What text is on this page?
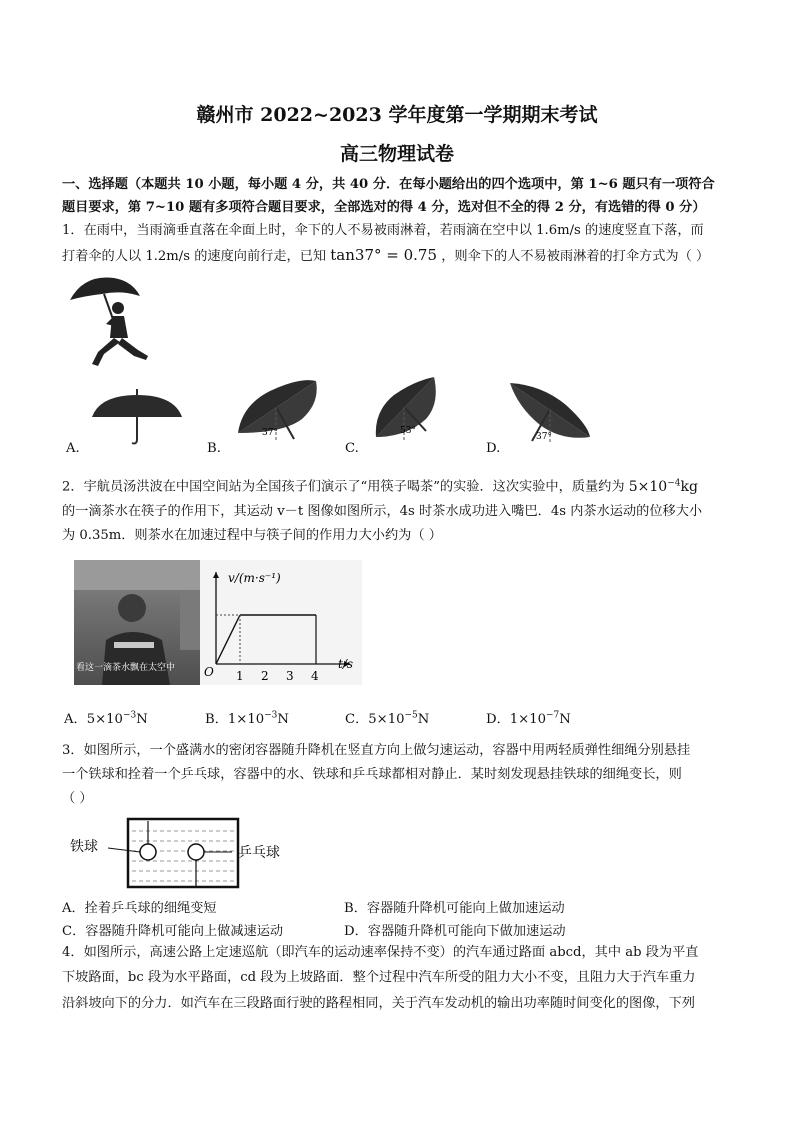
赣州市 2022~2023 学年度第一学期期末考试
高三物理试卷
一、选择题（本题共 10 小题，每小题 4 分，共 40 分．在每小题给出的四个选项中，第 1~6 题只有一项符合
题目要求，第 7~10 题有多项符合题目要求，全部选对的得 4 分，选对但不全的得 2 分，有选错的得 0 分）
1．在雨中，当雨滴垂直落在伞面上时，伞下的人不易被雨淋着，若雨滴在空中以 1.6m/s 的速度竖直下落，而
打着伞的人以 1.2m/s 的速度向前行走，已知 tan37° = 0.75 ，则伞下的人不易被雨淋着的打伞方式为（ ）
37°	53°
37°
A.	B.	C.	D.
2．宇航员汤洪波在中国空间站为全国孩子们演示了“用筷子喝茶”的实验．这次实验中，质量约为 $5\times 10^{-4}kg$
的一滴茶水在筷子的作用下，其运动 v－t 图像如图所示，4s 时茶水成功进入嘴巴．4s 内茶水运动的位移大小
为 0.35m．则茶水在加速过程中与筷子间的作用力大小约为（ ）
看这一滴茶水飘在太空中
v/(m·s⁻¹)
t/s
O 1 2 3 4
A．$5\times 10^{-3}N$	B．$1\times 10^{-3}N$	C．$5\times 10^{-5}N$	D．$1\times 10^{-7}N$
3．如图所示，一个盛满水的密闭容器随升降机在竖直方向上做匀速运动，容器中用两轻质弹性细绳分别悬挂
一个铁球和拴着一个乒乓球，容器中的水、铁球和乒乓球都相对静止．某时刻发现悬挂铁球的细绳变长，则
（ ）
铁球	乒乓球
A．拴着乒乓球的细绳变短	B．容器随升降机可能向上做加速运动
C．容器随升降机可能向上做减速运动	D．容器随升降机可能向下做加速运动
4．如图所示，高速公路上定速巡航（即汽车的运动速率保持不变）的汽车通过路面 abcd，其中 ab 段为平直
下坡路面，bc 段为水平路面，cd 段为上坡路面．整个过程中汽车所受的阻力大小不变，且阻力大于汽车重力
沿斜坡向下的分力．如汽车在三段路面行驶的路程相同，关于汽车发动机的输出功率随时间变化的图像，下列
